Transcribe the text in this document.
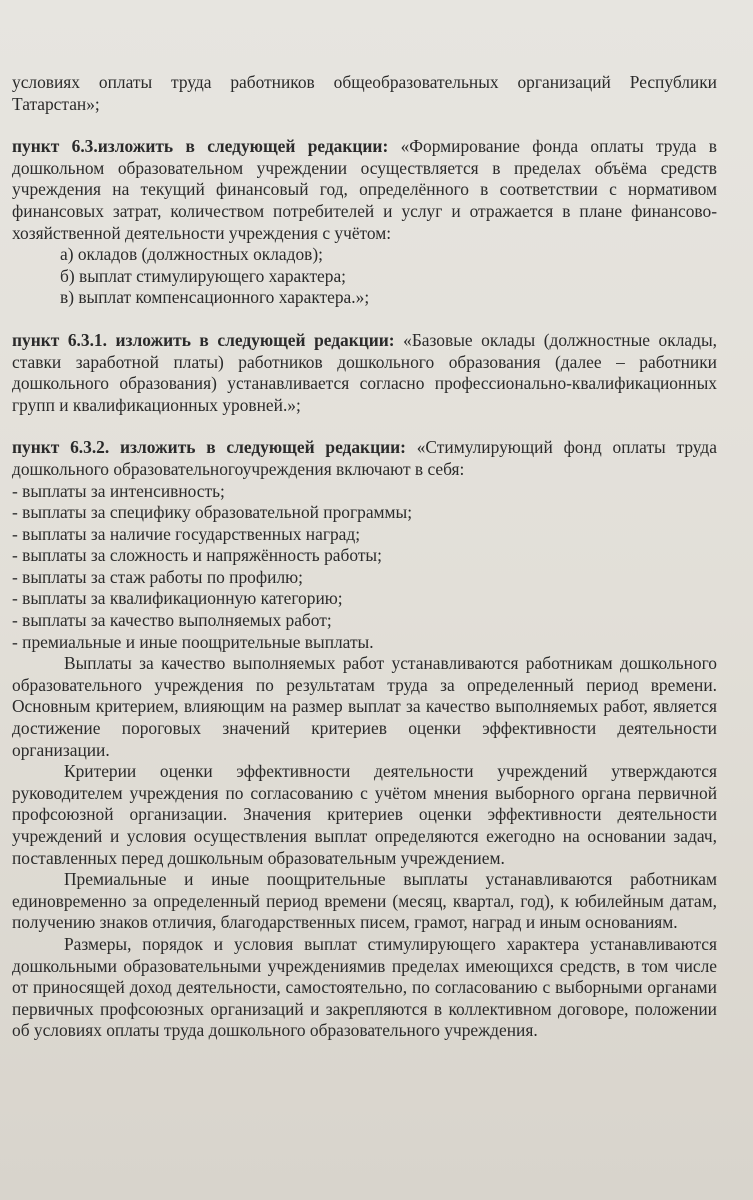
условиях оплаты труда работников общеобразовательных организаций Республики Татарстан»;

пункт 6.3.изложить в следующей редакции: «Формирование фонда оплаты труда в дошкольном образовательном учреждении осуществляется в пределах объёма средств учреждения на текущий финансовый год, определённого в соответствии с нормативом финансовых затрат, количеством потребителей и услуг и отражается в плане финансово-хозяйственной деятельности учреждения с учётом:

а) окладов (должностных окладов);
б) выплат стимулирующего характера;
в) выплат компенсационного характера.»;

пункт 6.3.1. изложить в следующей редакции: «Базовые оклады (должностные оклады, ставки заработной платы) работников дошкольного образования (далее – работники дошкольного образования) устанавливается согласно профессионально-квалификационных групп и квалификационных уровней.»;

пункт 6.3.2. изложить в следующей редакции: «Стимулирующий фонд оплаты труда дошкольного образовательногоучреждения включают в себя:

- выплаты за интенсивность;
- выплаты за специфику образовательной программы;
- выплаты за наличие государственных наград;
- выплаты за сложность и напряжённость работы;
- выплаты за стаж работы по профилю;
- выплаты за квалификационную категорию;
- выплаты за качество выполняемых работ;
- премиальные и иные поощрительные выплаты.

Выплаты за качество выполняемых работ устанавливаются работникам дошкольного образовательного учреждения по результатам труда за определенный период времени. Основным критерием, влияющим на размер выплат за качество выполняемых работ, является достижение пороговых значений критериев оценки эффективности деятельности организации.

Критерии оценки эффективности деятельности учреждений утверждаются руководителем учреждения по согласованию с учётом мнения выборного органа первичной профсоюзной организации. Значения критериев оценки эффективности деятельности учреждений и условия осуществления выплат определяются ежегодно на основании задач, поставленных перед дошкольным образовательным учреждением.

Премиальные и иные поощрительные выплаты устанавливаются работникам единовременно за определенный период времени (месяц, квартал, год), к юбилейным датам, получению знаков отличия, благодарственных писем, грамот, наград и иным основаниям.

Размеры, порядок и условия выплат стимулирующего характера устанавливаются дошкольными образовательными учреждениямив пределах имеющихся средств, в том числе от приносящей доход деятельности, самостоятельно, по согласованию с выборными органами первичных профсоюзных организаций и закрепляются в коллективном договоре, положении об условиях оплаты труда дошкольного образовательного учреждения.
